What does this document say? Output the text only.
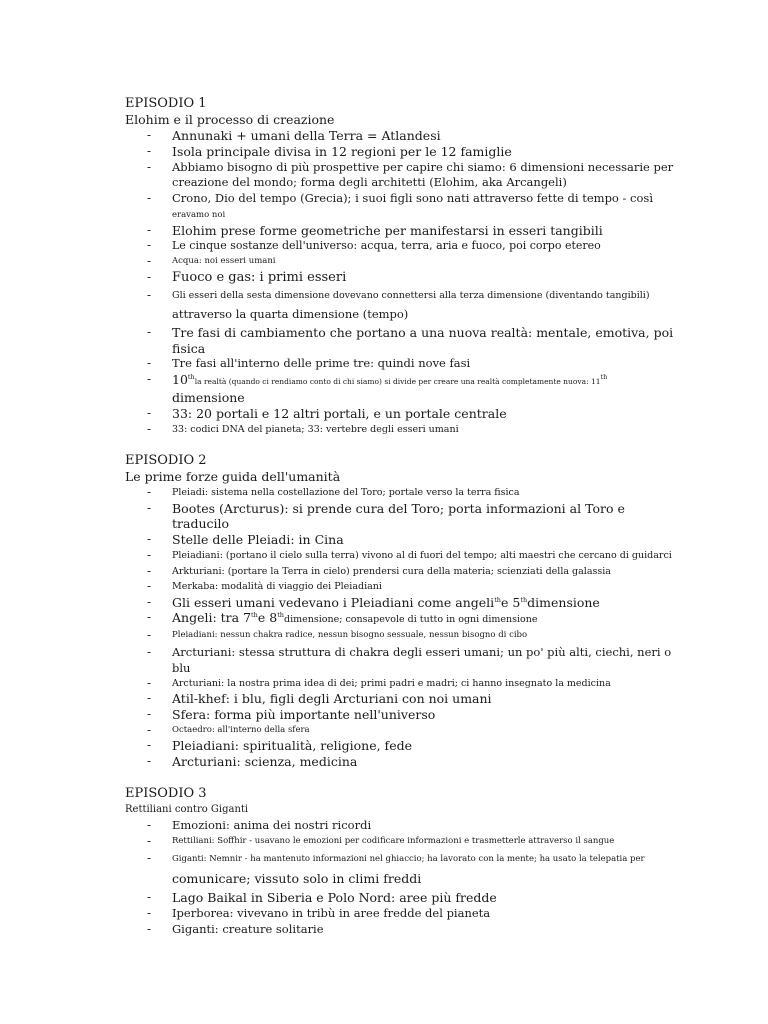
EPISODIO 1
Elohim e il processo di creazione
- Annunaki + umani della Terra = Atlandesi
- Isola principale divisa in 12 regioni per le 12 famiglie
- Abbiamo bisogno di più prospettive per capire chi siamo: 6 dimensioni necessarie per creazione del mondo; forma degli architetti (Elohim, aka Arcangeli)
- Crono, Dio del tempo (Grecia); i suoi figli sono nati attraverso fette di tempo - così
eravamo noi
- Elohim prese forme geometriche per manifestarsi in esseri tangibili
- Le cinque sostanze dell'universo: acqua, terra, aria e fuoco, poi corpo etereo
- Acqua: noi esseri umani
- Fuoco e gas: i primi esseri
- Gli esseri della sesta dimensione dovevano connettersi alla terza dimensione (diventando tangibili)
attraverso la quarta dimensione (tempo)
- Tre fasi di cambiamento che portano a una nuova realtà: mentale, emotiva, poi fisica
- Tre fasi all'interno delle prime tre: quindi nove fasi
- 10thla realtà (quando ci rendiamo conto di chi siamo) si divide per creare una realtà completamente nuova: 11th
dimensione
- 33: 20 portali e 12 altri portali, e un portale centrale
- 33: codici DNA del pianeta; 33: vertebre degli esseri umani
EPISODIO 2
Le prime forze guida dell'umanità
- Pleiadi: sistema nella costellazione del Toro; portale verso la terra fisica
- Bootes (Arcturus): si prende cura del Toro; porta informazioni al Toro e traducilo
- Stelle delle Pleiadi: in Cina
- Pleiadiani: (portano il cielo sulla terra) vivono al di fuori del tempo; alti maestri che cercano di guidarci
- Arkturiani: (portare la Terra in cielo) prendersi cura della materia; scienziati della galassia
- Merkaba: modalità di viaggio dei Pleiadiani
- Gli esseri umani vedevano i Pleiadiani come angeli$^{th}$e 5thdimensione
- Angeli: tra 7the 8thdimensione; consapevole di tutto in ogni dimensione
- Pleiadiani: nessun chakra radice, nessun bisogno sessuale, nessun bisogno di cibo
- Arcturiani: stessa struttura di chakra degli esseri umani; un po' più alti, ciechi, neri o blu
- Arcturiani: la nostra prima idea di dei; primi padri e madri; ci hanno insegnato la medicina
- Atil-khef: i blu, figli degli Arcturiani con noi umani
- Sfera: forma più importante nell'universo
- Octaedro: all'interno della sfera
- Pleiadiani: spiritualità, religione, fede
- Arcturiani: scienza, medicina
EPISODIO 3
Rettiliani contro Giganti
- Emozioni: anima dei nostri ricordi
- Rettiliani: Soffhir - usavano le emozioni per codificare informazioni e trasmetterle attraverso il sangue
- Giganti: Nemnir - ha mantenuto informazioni nel ghiaccio; ha lavorato con la mente; ha usato la telepatia per
comunicare; vissuto solo in climi freddi
- Lago Baikal in Siberia e Polo Nord: aree più fredde
- Iperborea: vivevano in tribù in aree fredde del pianeta
- Giganti: creature solitarie
